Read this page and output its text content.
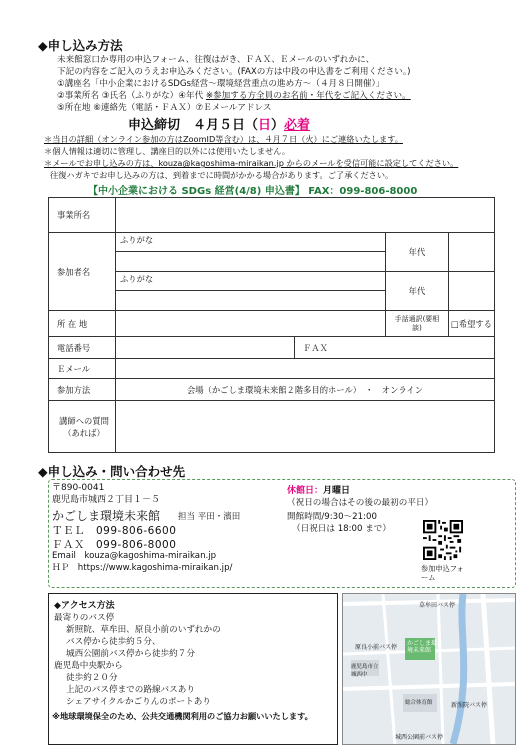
◆申し込み方法
未来館窓口か専用の申込フォーム、往復はがき、ＦＡＸ、Ｅメールのいずれかに、
下記の内容をご記入のうえお申込みください。(FAXの方は中段の申込書をご利用ください。)
①講座名「中小企業におけるSDGs経営～環境経営重点の進め方～（４月８日開催）」
②事業所名 ③氏名（ふりがな）④年代 ※参加する方全員のお名前・年代をご記入ください。
⑤所在地 ⑥連絡先（電話・ＦＡＸ）⑦Ｅメールアドレス
申込締切　４月５日（日）必着
＊当日の詳細（オンライン参加の方はZoomID等含む）は、４月７日（火）にご連絡いたします。
＊個人情報は適切に管理し、講座目的以外には使用いたしません。
＊メールでお申し込みの方は、kouza@kagoshima-miraikan.jp からのメールを受信可能に設定してください。
往復ハガキでお申し込みの方は、到着までに時間がかかる場合があります。ご了承ください。
【中小企業における SDGs 経営(4/8) 申込書】 FAX：099-806-8000
事業所名				
参加者名	ふりがな		年代	

	ふりがな		年代	

所 在 地			手話通訳(要相談)	□希望する
電話番号		ＦＡＸ		
Ｅメール				
参加方法	会場（かごしま環境未来館２階多目的ホール）　・　オンライン			
講師への質問（あれば）				
◆申し込み・問い合わせ先
〒890-0041
鹿児島市城西２丁目１－５
かごしま環境未来館 担当 平田・濱田
ＴＥＬ　099-806-6600
ＦＡＸ　099-806-8000
Email　kouza@kagoshima-miraikan.jp
ＨＰ　https://www.kagoshima-miraikan.jp/
休館日：月曜日
（祝日の場合はその後の最初の平日）
開館時間/9:30～21:00
（日祝日は 18:00 まで）
参加申込フォーム
◆アクセス方法
最寄りのバス停
新照院、草牟田、原良小前のいずれかの
バス停から徒歩約５分、
城西公園前バス停から徒歩約７分
鹿児島中央駅から
徒歩約２０分
上記のバス停までの路線バスあり
シェアサイクルかごりんのポートあり
※地球環境保全のため、公共交通機関利用のご協力お願いいたします。
草牟田バス停
原良小前バス停
新照院バス停
城西公園前バス停
かごしま環境未来館
鹿児島市立
城西中
総合体育館
